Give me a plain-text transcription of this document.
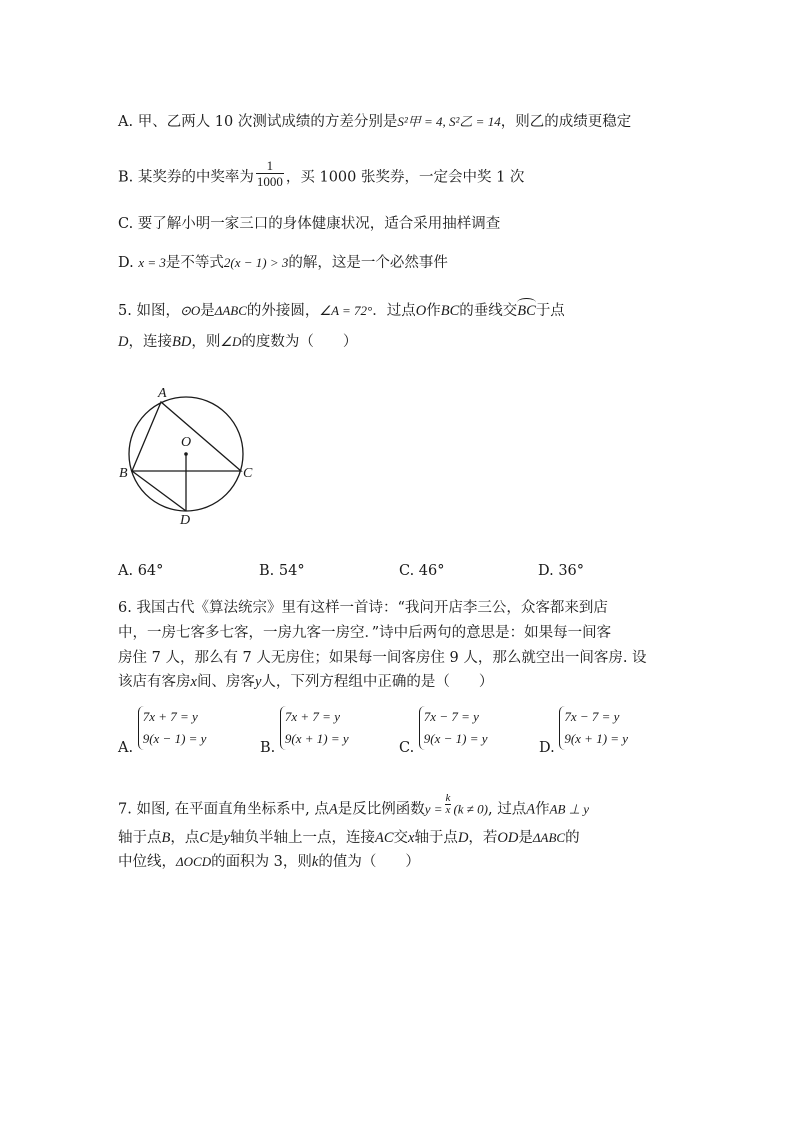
A. 甲、乙两人 10 次测试成绩的方差分别是S²甲 = 4, S²乙 = 14，则乙的成绩更稳定
B. 某奖券的中奖率为 $\frac{1}{1000}$ ，买 1000 张奖券，一定会中奖 1 次
C. 要了解小明一家三口的身体健康状况，适合采用抽样调查
D. x = 3是不等式2(x − 1) > 3的解，这是一个必然事件
5. 如图，⊙O是ΔABC的外接圆，∠A = 72°．过点O作BC的垂线交BC于点
D，连接BD，则∠D的度数为（　　）
A
B	C
O
D
A. 64°	B. 54°	C. 46°	D. 36°
6. 我国古代《算法统宗》里有这样一首诗：“我问开店李三公，众客都来到店
中，一房七客多七客，一房九客一房空．”诗中后两句的意思是：如果每一间客
房住 7 人，那么有 7 人无房住；如果每一间客房住 9 人，那么就空出一间客房. 设
该店有客房x间、房客y人，下列方程组中正确的是（　　）
A.
7x + 7 = y
9(x − 1) = y
B.
7x + 7 = y
9(x + 1) = y
C.
7x − 7 = y
9(x − 1) = y
D.
7x − 7 = y
9(x + 1) = y
7. 如图, 在平面直角坐标系中, 点A是反比例函数$y = \frac{k}{x} (k \ne 0)$, 过点A作AB ⊥ y
轴于点B，点C是y轴负半轴上一点，连接AC交x轴于点D，若OD是ΔABC的
中位线，ΔOCD的面积为 3，则k的值为（　　）
